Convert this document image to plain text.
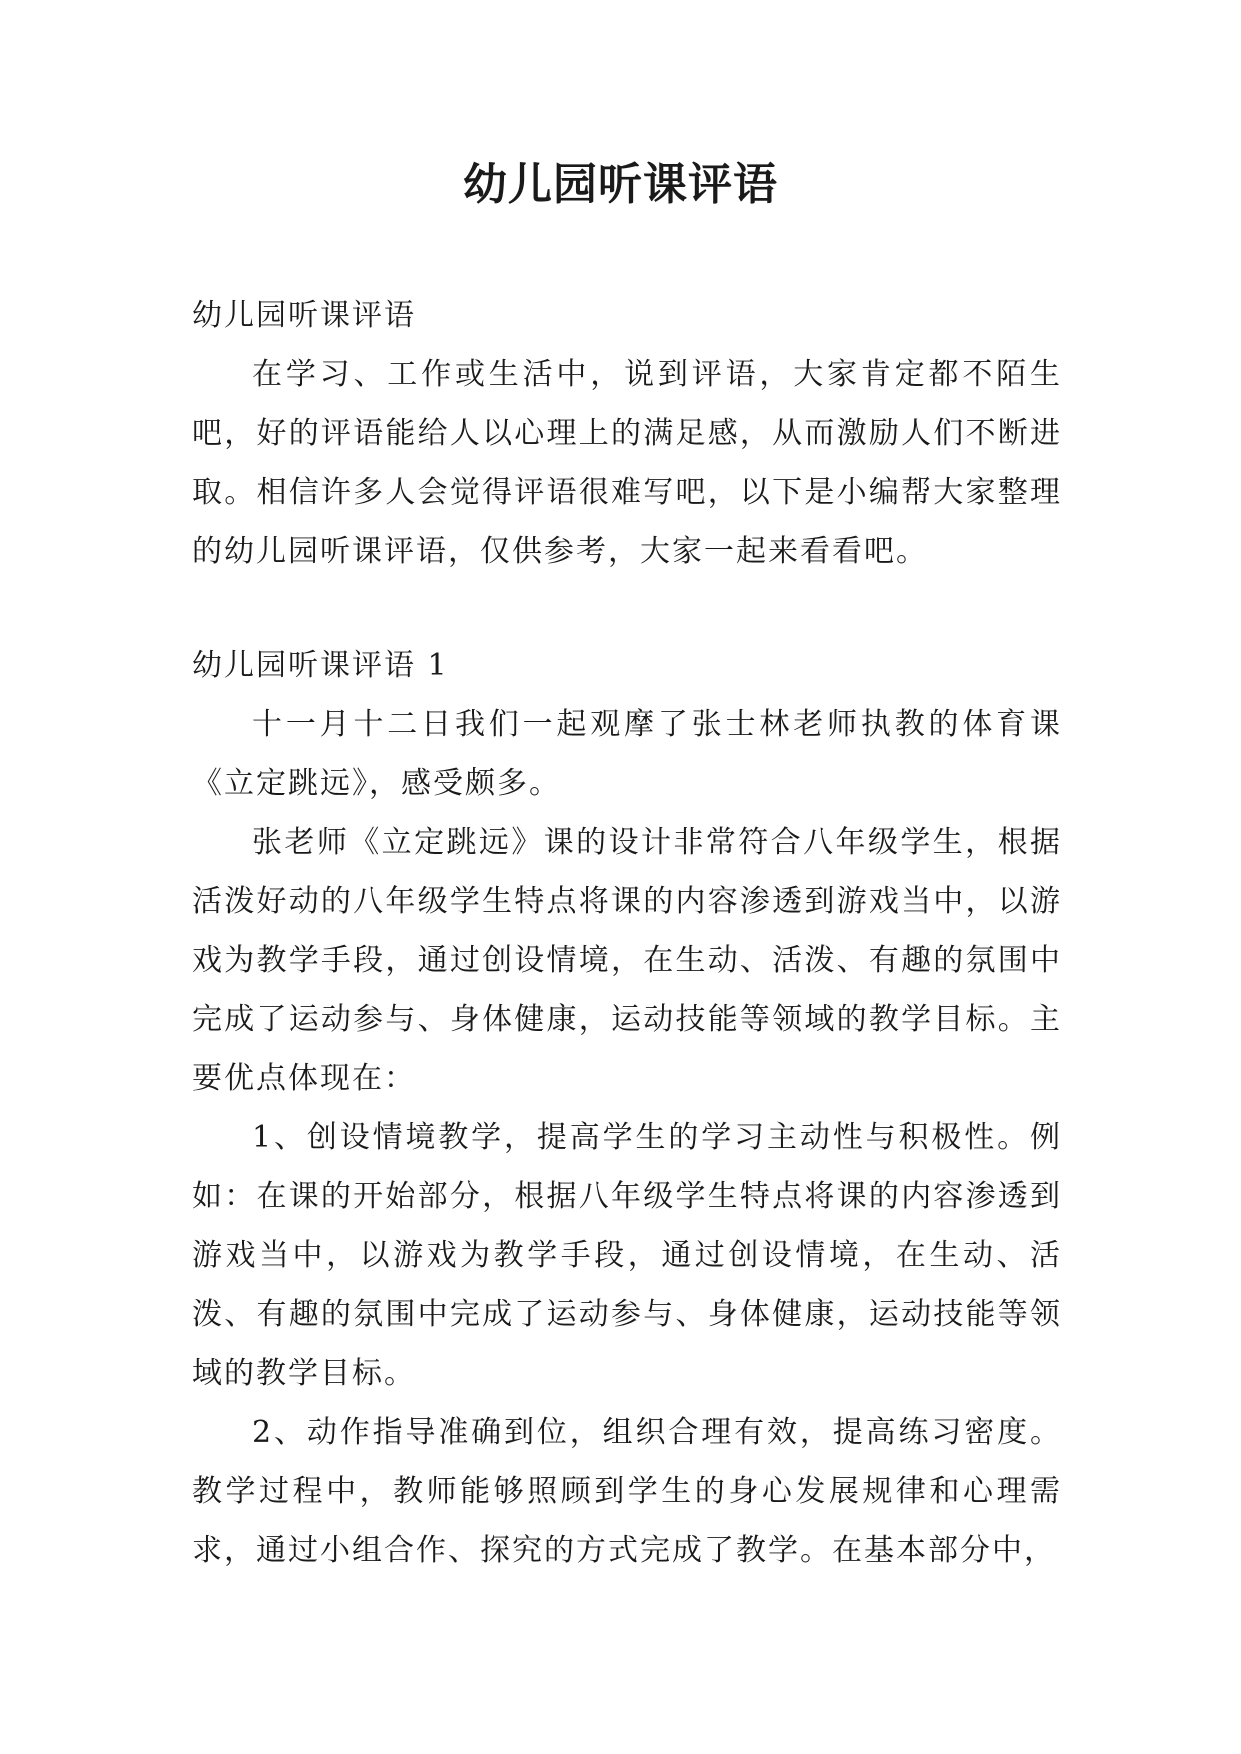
幼儿园听课评语

幼儿园听课评语

在学习、工作或生活中，说到评语，大家肯定都不陌生吧，好的评语能给人以心理上的满足感，从而激励人们不断进取。相信许多人会觉得评语很难写吧，以下是小编帮大家整理的幼儿园听课评语，仅供参考，大家一起来看看吧。

幼儿园听课评语 1

十一月十二日我们一起观摩了张士林老师执教的体育课《立定跳远》，感受颇多。

张老师《立定跳远》课的设计非常符合八年级学生，根据活泼好动的八年级学生特点将课的内容渗透到游戏当中，以游戏为教学手段，通过创设情境，在生动、活泼、有趣的氛围中完成了运动参与、身体健康，运动技能等领域的教学目标。主要优点体现在：

1、创设情境教学，提高学生的学习主动性与积极性。例如：在课的开始部分，根据八年级学生特点将课的内容渗透到游戏当中，以游戏为教学手段，通过创设情境，在生动、活泼、有趣的氛围中完成了运动参与、身体健康，运动技能等领域的教学目标。

2、动作指导准确到位，组织合理有效，提高练习密度。教学过程中，教师能够照顾到学生的身心发展规律和心理需求，通过小组合作、探究的方式完成了教学。在基本部分中，
